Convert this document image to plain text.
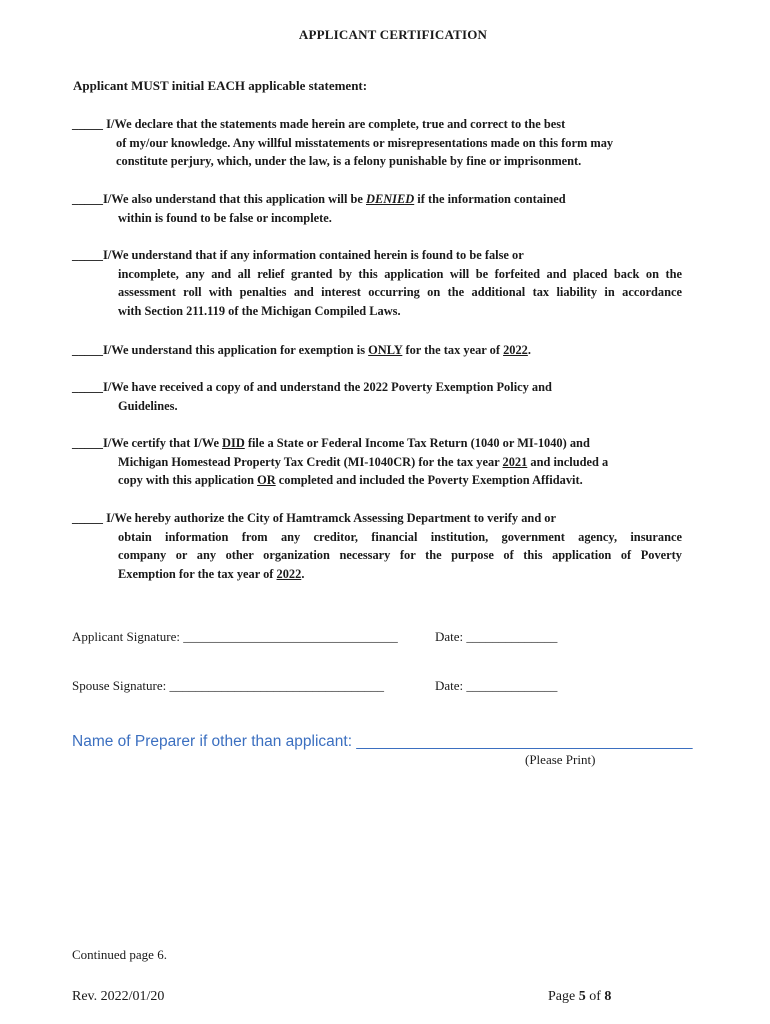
APPLICANT CERTIFICATION
Applicant MUST initial EACH applicable statement:
_____ I/We declare that the statements made herein are complete, true and correct to the best
of my/our knowledge. Any willful misstatements or misrepresentations made on this form may
constitute perjury, which, under the law, is a felony punishable by fine or imprisonment.
_____I/We also understand that this application will be DENIED if the information contained
within is found to be false or incomplete.
_____I/We understand that if any information contained herein is found to be false or
incomplete, any and all relief granted by this application will be forfeited and placed back on the
assessment roll with penalties and interest occurring on the additional tax liability in accordance
with Section 211.119 of the Michigan Compiled Laws.
_____I/We understand this application for exemption is ONLY for the tax year of 2022.
_____I/We have received a copy of and understand the 2022 Poverty Exemption Policy and
Guidelines.
_____I/We certify that I/We DID file a State or Federal Income Tax Return (1040 or MI-1040) and
Michigan Homestead Property Tax Credit (MI-1040CR) for the tax year 2021 and included a
copy with this application OR completed and included the Poverty Exemption Affidavit.
_____ I/We hereby authorize the City of Hamtramck Assessing Department to verify and or
obtain information from any creditor, financial institution, government agency, insurance
company or any other organization necessary for the purpose of this application of Poverty
Exemption for the tax year of 2022.
Applicant Signature: _________________________________	Date: ______________
Spouse Signature: _________________________________	Date: ______________
Name of Preparer if other than applicant: _______________________________________
(Please Print)
Continued page 6.
Rev. 2022/01/20	Page 5 of 8
